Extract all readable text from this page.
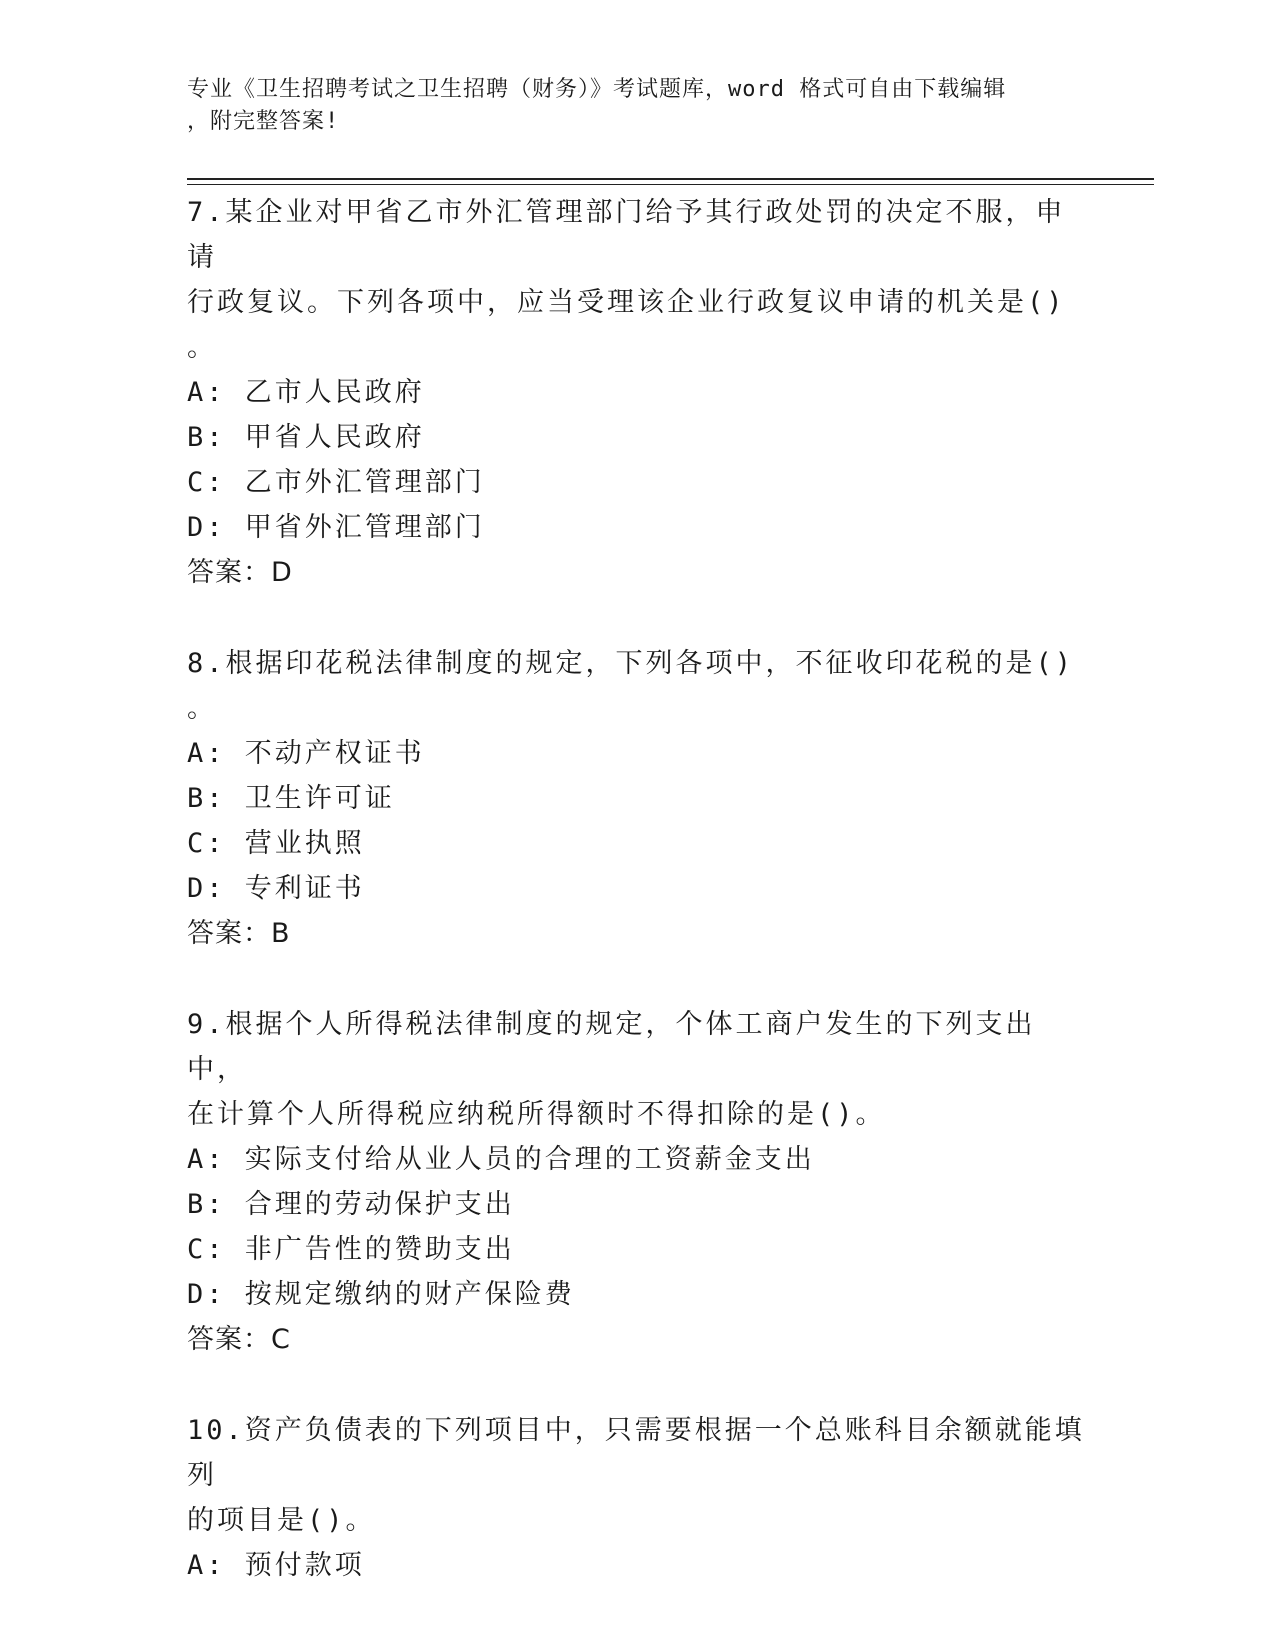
专业《卫生招聘考试之卫生招聘（财务）》考试题库，word 格式可自由下载编辑
，附完整答案!
7.某企业对甲省乙市外汇管理部门给予其行政处罚的决定不服，申请
行政复议。下列各项中，应当受理该企业行政复议申请的机关是()
。
A: 乙市人民政府
B: 甲省人民政府
C: 乙市外汇管理部门
D: 甲省外汇管理部门
答案：D
8.根据印花税法律制度的规定，下列各项中，不征收印花税的是()
。
A: 不动产权证书
B: 卫生许可证
C: 营业执照
D: 专利证书
答案：B
9.根据个人所得税法律制度的规定，个体工商户发生的下列支出中，
在计算个人所得税应纳税所得额时不得扣除的是()。
A: 实际支付给从业人员的合理的工资薪金支出
B: 合理的劳动保护支出
C: 非广告性的赞助支出
D: 按规定缴纳的财产保险费
答案：C
10.资产负债表的下列项目中，只需要根据一个总账科目余额就能填列
的项目是()。
A: 预付款项
